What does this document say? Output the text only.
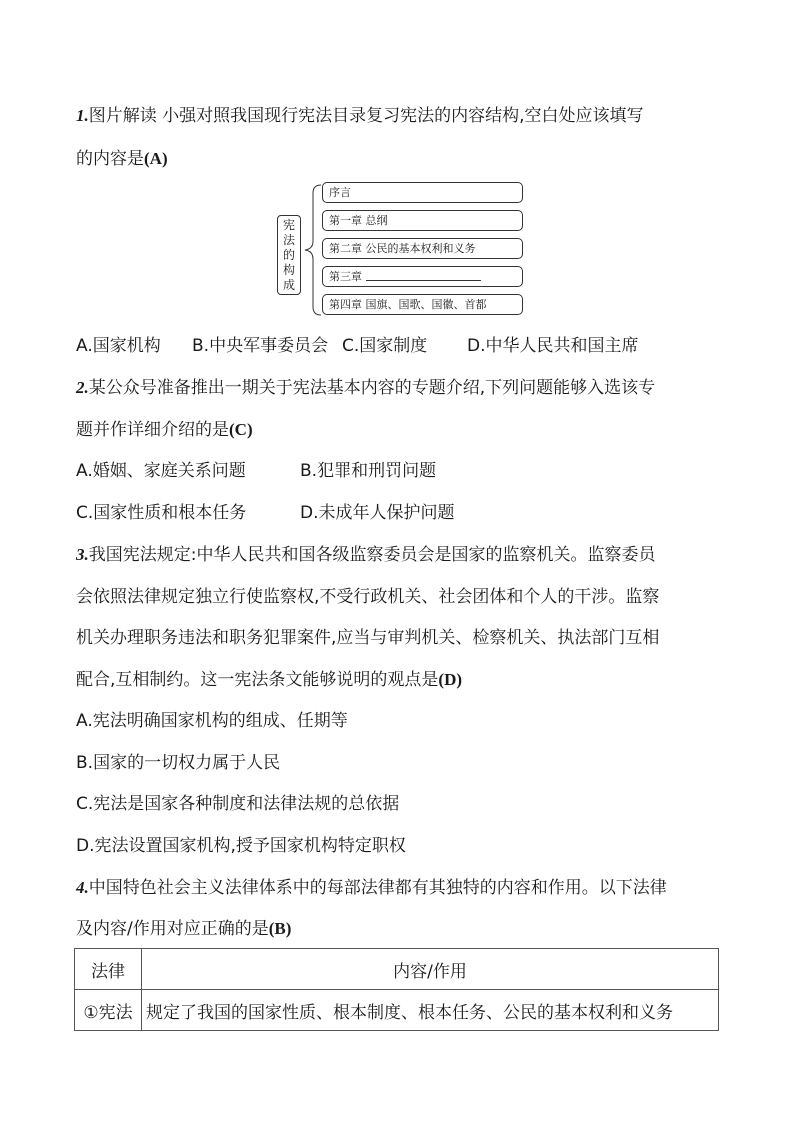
1.图片解读 小强对照我国现行宪法目录复习宪法的内容结构,空白处应该填写
的内容是(A)
宪
法
的
构
成
序言
第一章 总纲
第二章 公民的基本权利和义务
第三章
第四章 国旗、国歌、国徽、首都
A.国家机构 B.中央军事委员会 C.国家制度 D.中华人民共和国主席
2.某公众号准备推出一期关于宪法基本内容的专题介绍,下列问题能够入选该专
题并作详细介绍的是(C)
A.婚姻、家庭关系问题	B.犯罪和刑罚问题
C.国家性质和根本任务	D.未成年人保护问题
3.我国宪法规定:中华人民共和国各级监察委员会是国家的监察机关。监察委员
会依照法律规定独立行使监察权,不受行政机关、社会团体和个人的干涉。监察
机关办理职务违法和职务犯罪案件,应当与审判机关、检察机关、执法部门互相
配合,互相制约。这一宪法条文能够说明的观点是(D)
A.宪法明确国家机构的组成、任期等
B.国家的一切权力属于人民
C.宪法是国家各种制度和法律法规的总依据
D.宪法设置国家机构,授予国家机构特定职权
4.中国特色社会主义法律体系中的每部法律都有其独特的内容和作用。以下法律
及内容/作用对应正确的是(B)
法律	内容/作用
①宪法	规定了我国的国家性质、根本制度、根本任务、公民的基本权利和义务
